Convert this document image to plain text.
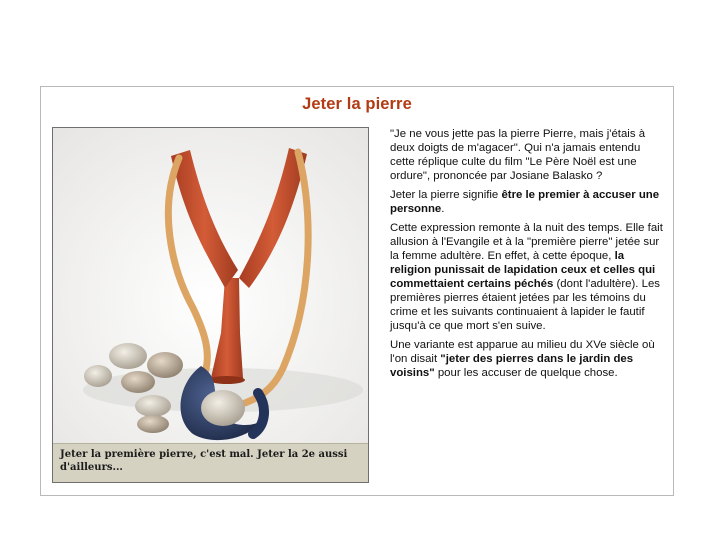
Jeter la pierre
Jeter la première pierre, c'est mal. Jeter la 2e aussi d'ailleurs...

"Je ne vous jette pas la pierre Pierre, mais j'étais à deux doigts de m'agacer". Qui n'a jamais entendu cette réplique culte du film "Le Père Noël est une ordure", prononcée par Josiane Balasko ?

Jeter la pierre signifie être le premier à accuser une personne.

Cette expression remonte à la nuit des temps. Elle fait allusion à l'Evangile et à la "première pierre" jetée sur la femme adultère. En effet, à cette époque, la religion punissait de lapidation ceux et celles qui commettaient certains péchés (dont l'adultère). Les premières pierres étaient jetées par les témoins du crime et les suivants continuaient à lapider le fautif jusqu'à ce que mort s'en suive.

Une variante est apparue au milieu du XVe siècle où l'on disait "jeter des pierres dans le jardin des voisins" pour les accuser de quelque chose.
